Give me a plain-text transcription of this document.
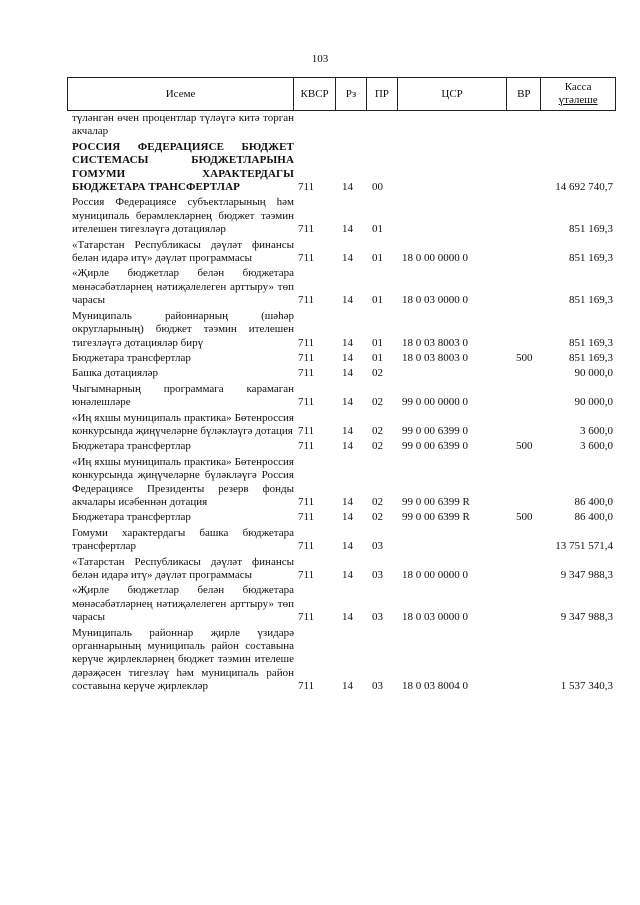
103
Исеме	КВСР	Рз	ПР	ЦСР	ВР
Касса
үтәлеше
түләнгән өчен процентлар түләүгә китә торган акчалар
РОССИЯ ФЕДЕРАЦИЯСЕ БЮДЖЕТ СИСТЕМАСЫ БЮДЖЕТЛАРЫНА ГОМУМИ ХАРАКТЕРДАГЫ БЮДЖЕТАРА ТРАНСФЕРТЛАР	711	14	00	14 692 740,7
Россия Федерациясе субъектларының һәм муниципаль берәмлекләрнең бюджет тәэмин ителешен тигезләүгә дотацияләр	711	14	01	851 169,3
«Татарстан Республикасы дәүләт финансы белән идарә итү» дәүләт программасы	711	14	01	18 0 00 0000 0	851 169,3
«Җирле бюджетлар белән бюджетара мөнәсәбәтләрнең нәтиҗәлелеген арттыру» төп чарасы	711	14	01	18 0 03 0000 0	851 169,3
Муниципаль районнарның (шәһәр округларының) бюджет тәэмин ителешен тигезләүгә дотацияләр бирү	711	14	01	18 0 03 8003 0	851 169,3
Бюджетара трансфертлар	711	14	01	18 0 03 8003 0	500	851 169,3
Башка дотацияләр	711	14	02	90 000,0
Чыгымнарның программага карамаган юнәлешләре	711	14	02	99 0 00 0000 0	90 000,0
«Иң яхшы муниципаль практика» Бөтенроссия конкурсында җиңүчеләрне бүләкләүгә дотация 711	14	02	99 0 00 6399 0	3 600,0
Бюджетара трансфертлар	711	14	02	99 0 00 6399 0	500	3 600,0
«Иң яхшы муниципаль практика» Бөтенроссия конкурсында җиңүчеләрне бүләкләүгә Россия Федерациясе Президенты резерв фонды акчалары исәбеннән дотация	711	14	02	99 0 00 6399 R	86 400,0
Бюджетара трансфертлар	711	14	02	99 0 00 6399 R	500	86 400,0
Гомуми характердагы башка бюджетара трансфертлар	711	14	03	13 751 571,4
«Татарстан Республикасы дәүләт финансы белән идарә итү» дәүләт программасы	711	14	03	18 0 00 0000 0	9 347 988,3
«Җирле бюджетлар белән бюджетара мөнәсәбәтләрнең нәтиҗәлелеген арттыру» төп чарасы	711	14	03	18 0 03 0000 0	9 347 988,3
Муниципаль районнар җирле үзидарә органнарының муниципаль район составына керүче җирлекләрнең бюджет тәэмин ителеше дәрәҗәсен тигезләү һәм муниципаль район составына керүче җирлекләр	711	14	03	18 0 03 8004 0	1 537 340,3
